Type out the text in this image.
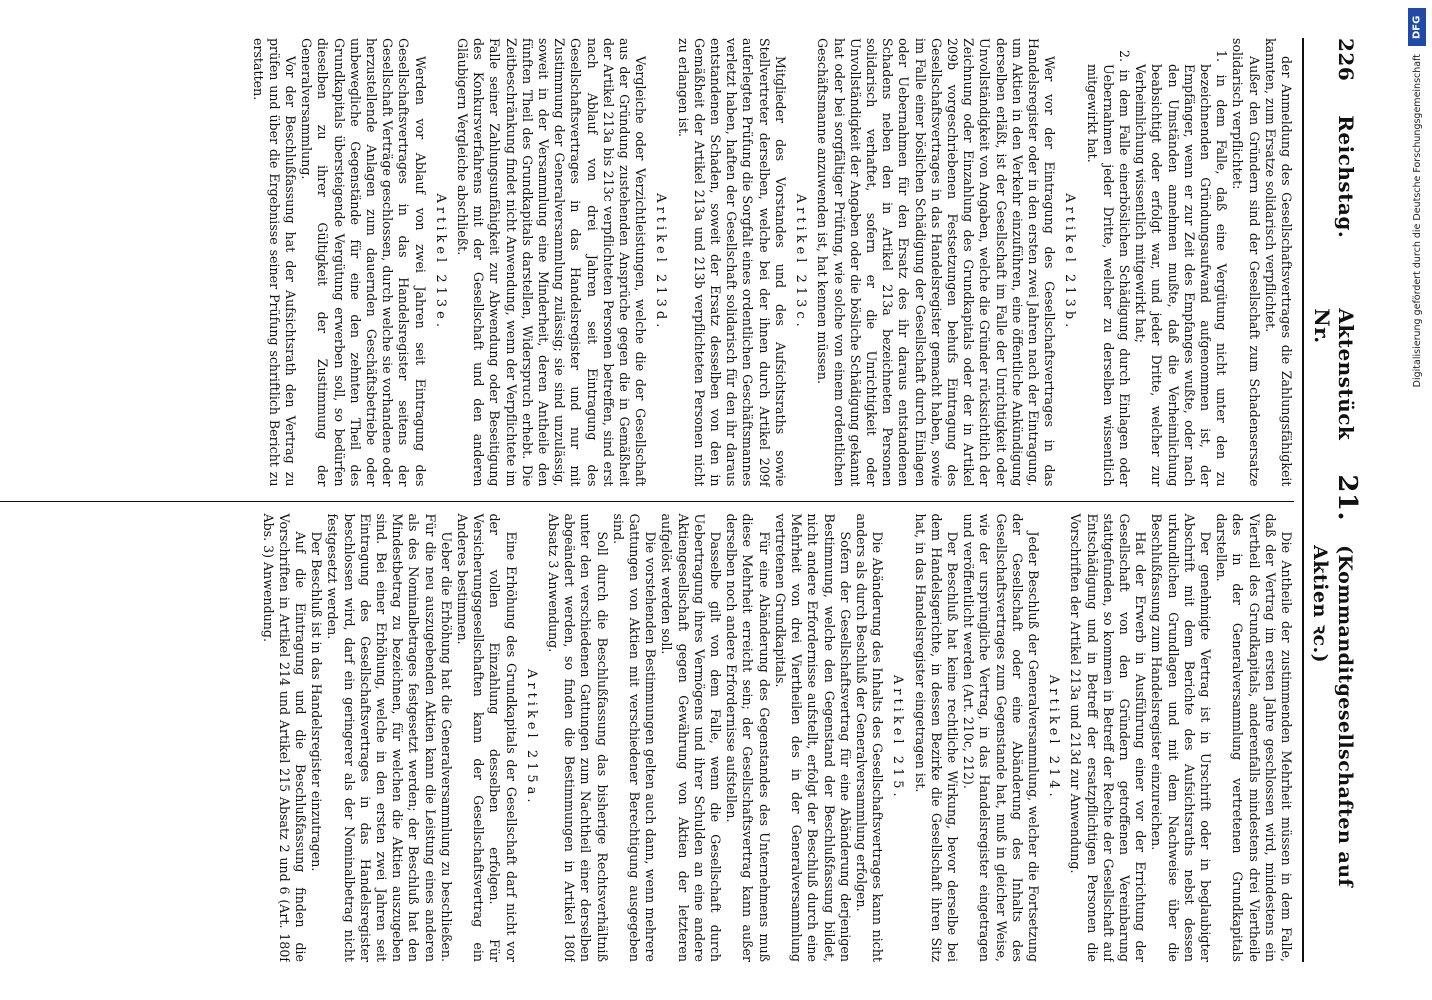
226
Reichstag.
Aktenstück Nr.
21.
(Kommanditgesellschaften auf Aktien ꝛc.)

der Anmeldung des Gesellschaftsvertrages die Zahlungsfähigkeit kannten, zum Ersatze solidarisch verpflichtet.

Außer den Gründern sind der Gesellschaft zum Schadensersatze solidarisch verpflichtet:

1. in dem Falle, daß eine Vergütung nicht unter den zu bezeichnenden Gründungsaufwand aufgenommen ist, der Empfänger, wenn er zur Zeit des Empfanges wußte, oder nach den Umständen annehmen mußte, daß die Verheimlichung beabsichtigt oder erfolgt war, und jeder Dritte, welcher zur Verheimlichung wissentlich mitgewirkt hat;

2. in dem Falle einerböslichen Schädigung durch Einlagen oder Uebernahmen jeder Dritte, welcher zu derselben wissentlich mitgewirkt hat.

Artikel 213b.

Wer vor der Eintragung des Gesellschaftsvertrages in das Handelsregister oder in den ersten zwei Jahren nach der Eintragung, um Aktien in den Verkehr einzuführen, eine öffentliche Ankündigung derselben erläßt, ist der Gesellschaft im Falle der Unrichtigkeit oder Unvollständigkeit von Angaben, welche die Gründer rücksichtlich der Zeichnung oder Einzahlung des Grundkapitals oder der in Artikel 209b vorgeschriebenen Festsetzungen behufs Eintragung des Gesellschaftsvertrages in das Handelsregister gemacht haben, sowie im Falle einer böslichen Schädigung der Gesellschaft durch Einlagen oder Uebernahmen für den Ersatz des ihr daraus entstandenen Schadens neben den in Artikel 213a bezeichneten Personen solidarisch verhaftet, sofern er die Unrichtigkeit oder Unvollständigkeit der Angaben oder die bösliche Schädigung gekannt hat oder bei sorgfältiger Prüfung, wie solche von einem ordentlichen Geschäftsmanne anzuwenden ist, hat kennen müssen.

Artikel 213c.

Mitglieder des Vorstandes und des Aufsichtsraths sowie Stellvertreter derselben, welche bei der ihnen durch Artikel 209f auferlegten Prüfung die Sorgfalt eines ordentlichen Geschäftsmannes verletzt haben, haften der Gesellschaft solidarisch für den ihr daraus entstandenen Schaden, soweit der Ersatz desselben von den in Gemäßheit der Artikel 213a und 213b verpflichteten Personen nicht zu erlangen ist.

Artikel 213d.

Vergleiche oder Verzichtleistungen, welche die der Gesellschaft aus der Gründung zustehenden Ansprüche gegen die in Gemäßheit der Artikel 213a bis 213c verpflichteten Personen betreffen, sind erst nach Ablauf von drei Jahren seit Eintragung des Gesellschaftsvertrages in das Handelsregister und nur mit Zustimmung der Generalversammlung zulässig; sie sind unzulässig, soweit in der Versammlung eine Minderheit, deren Antheile den fünften Theil des Grundkapitals darstellen, Widerspruch erhebt. Die Zeitbeschränkung findet nicht Anwendung, wenn der Verpflichtete im Falle seiner Zahlungsunfähigkeit zur Abwendung oder Beseitigung des Konkursverfahrens mit der Gesellschaft und den anderen Gläubigern Vergleiche abschließt.

Artikel 213e.

Werden vor Ablauf von zwei Jahren seit Eintragung des Gesellschaftsvertrages in das Handelsregister seitens der Gesellschaft Verträge geschlossen, durch welche sie vorhandene oder herzustellende Anlagen zum dauernden Geschäftsbetriebe oder unbewegliche Gegenstände für eine den zehnten Theil des Grundkapitals übersteigende Vergütung erwerben soll, so bedürfen dieselben zu ihrer Gültigkeit der Zustimmung der Generalversammlung.

Vor der Beschlußfassung hat der Aufsichtsrath den Vertrag zu prüfen und über die Ergebnisse seiner Prüfung schriftlich Bericht zu erstatten.

Die Antheile der zustimmenden Mehrheit müssen in dem Falle, daß der Vertrag im ersten Jahre geschlossen wird, mindestens ein Viertheil des Grundkapitals, anderenfalls mindestens drei Viertheile des in der Generalversammlung vertretenen Grundkapitals darstellen.

Der genehmigte Vertrag ist in Urschrift oder in beglaubigter Abschrift mit dem Berichte des Aufsichtsraths nebst dessen urkundlichen Grundlagen und mit dem Nachweise über die Beschlußfassung zum Handelsregister einzureichen.

Hat der Erwerb in Ausführung einer vor der Errichtung der Gesellschaft von den Gründern getroffenen Vereinbarung stattgefunden, so kommen in Betreff der Rechte der Gesellschaft auf Entschädigung und in Betreff der ersatzpflichtigen Personen die Vorschriften der Artikel 213a und 213d zur Anwendung.

Artikel 214.

Jeder Beschluß der Generalversammlung, welcher die Fortsetzung der Gesellschaft oder eine Abänderung des Inhalts des Gesellschaftsvertrages zum Gegenstande hat, muß in gleicher Weise, wie der ursprüngliche Vertrag, in das Handelsregister eingetragen und veröffentlicht werden (Art. 210c, 212).

Der Beschluß hat keine rechtliche Wirkung, bevor derselbe bei dem Handelsgerichte, in dessen Bezirke die Gesellschaft ihren Sitz hat, in das Handelsregister eingetragen ist.

Artikel 215.

Die Abänderung des Inhalts des Gesellschaftsvertrages kann nicht anders als durch Beschluß der Generalversammlung erfolgen.

Sofern der Gesellschaftsvertrag für eine Abänderung derjenigen Bestimmung, welche den Gegenstand der Beschlußfassung bildet, nicht andere Erfordernisse aufstellt, erfolgt der Beschluß durch eine Mehrheit von drei Viertheilen des in der Generalversammlung vertretenen Grundkapitals.

Für eine Abänderung des Gegenstandes des Unternehmens muß diese Mehrheit erreicht sein; der Gesellschaftsvertrag kann außer derselben noch andere Erfordernisse aufstellen.

Dasselbe gilt von dem Falle, wenn die Gesellschaft durch Uebertragung ihres Vermögens und ihrer Schulden an eine andere Aktiengesellschaft gegen Gewährung von Aktien der letzteren aufgelöst werden soll.

Die vorstehenden Bestimmungen gelten auch dann, wenn mehrere Gattungen von Aktien mit verschiedener Berechtigung ausgegeben sind.

Soll durch die Beschlußfassung das bisherige Rechtsverhältniß unter den verschiedenen Gattungen zum Nachtheil einer derselben abgeändert werden, so finden die Bestimmungen in Artikel 180f Absatz 3 Anwendung.

Artikel 215a.

Eine Erhöhung des Grundkapitals der Gesellschaft darf nicht vor der vollen Einzahlung desselben erfolgen. Für Versicherungsgesellschaften kann der Gesellschaftsvertrag ein Anderes bestimmen.

Ueber die Erhöhung hat die Generalversammlung zu beschließen. Für die neu auszugebenden Aktien kann die Leistung eines anderen als des Nominalbetrages festgesetzt werden; der Beschluß hat den Mindestbetrag zu bezeichnen, für welchen die Aktien auszugeben sind. Bei einer Erhöhung, welche in den ersten zwei Jahren seit Eintragung des Gesellschaftsvertrages in das Handelsregister beschlossen wird, darf ein geringerer als der Nominalbetrag nicht festgesetzt werden.

Der Beschluß ist in das Handelsregister einzutragen.

Auf die Eintragung und die Beschlußfassung finden die Vorschriften in Artikel 214 und Artikel 215 Absatz 2 und 6 (Art. 180f Abs. 3) Anwendung.

DFG
Digitalisierung gefördert durch die Deutsche Forschungsgemeinschaft
